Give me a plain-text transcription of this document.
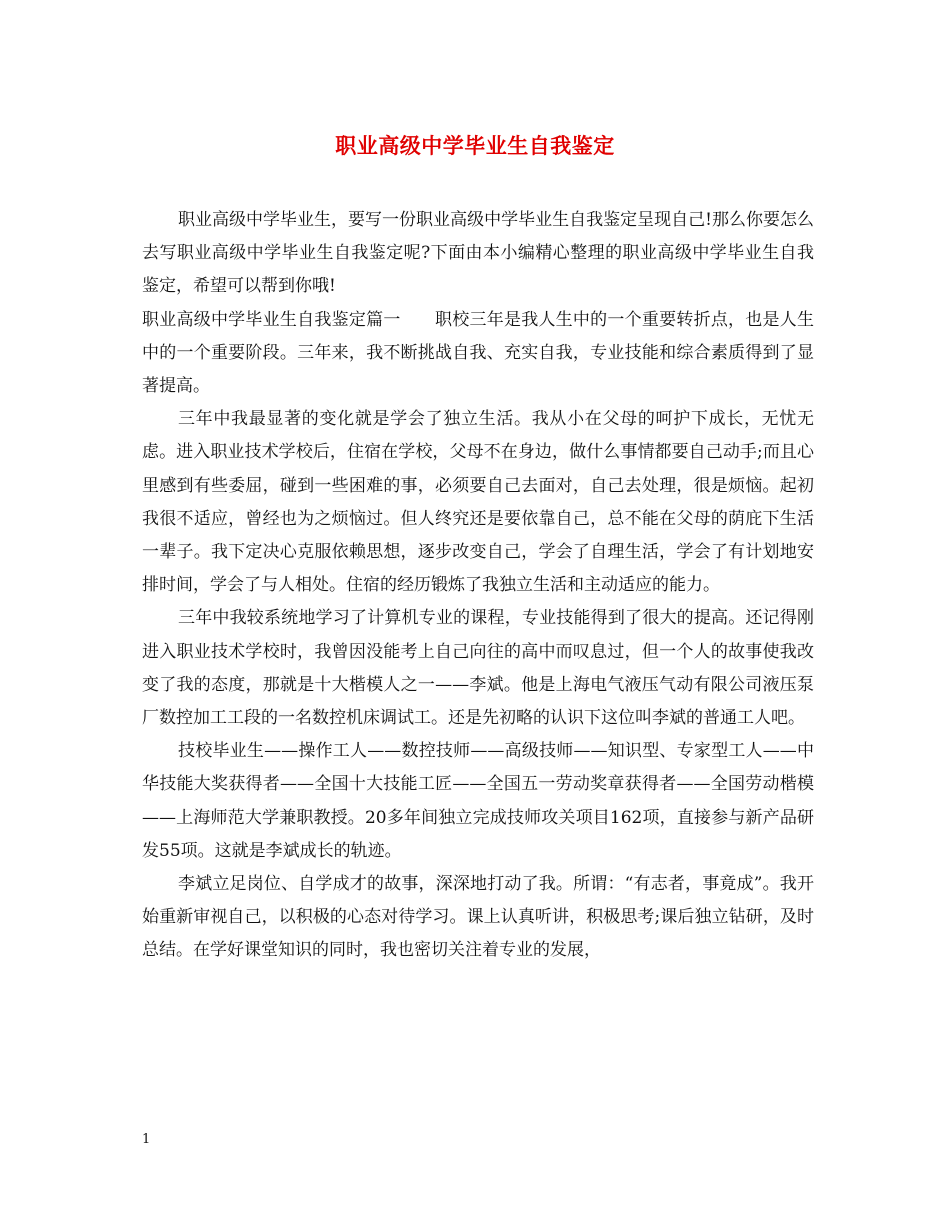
职业高级中学毕业生自我鉴定

职业高级中学毕业生，要写一份职业高级中学毕业生自我鉴定呈现自己!那么你要怎么去写职业高级中学毕业生自我鉴定呢?下面由本小编精心整理的职业高级中学毕业生自我鉴定，希望可以帮到你哦!

职业高级中学毕业生自我鉴定篇一　　职校三年是我人生中的一个重要转折点，也是人生中的一个重要阶段。三年来，我不断挑战自我、充实自我，专业技能和综合素质得到了显著提高。

三年中我最显著的变化就是学会了独立生活。我从小在父母的呵护下成长，无忧无虑。进入职业技术学校后，住宿在学校，父母不在身边，做什么事情都要自己动手;而且心里感到有些委屈，碰到一些困难的事，必须要自己去面对，自己去处理，很是烦恼。起初我很不适应，曾经也为之烦恼过。但人终究还是要依靠自己，总不能在父母的荫庇下生活一辈子。我下定决心克服依赖思想，逐步改变自己，学会了自理生活，学会了有计划地安排时间，学会了与人相处。住宿的经历锻炼了我独立生活和主动适应的能力。

三年中我较系统地学习了计算机专业的课程，专业技能得到了很大的提高。还记得刚进入职业技术学校时，我曾因没能考上自己向往的高中而叹息过，但一个人的故事使我改变了我的态度，那就是十大楷模人之一——李斌。他是上海电气液压气动有限公司液压泵厂数控加工工段的一名数控机床调试工。还是先初略的认识下这位叫李斌的普通工人吧。

技校毕业生——操作工人——数控技师——高级技师——知识型、专家型工人——中华技能大奖获得者——全国十大技能工匠——全国五一劳动奖章获得者——全国劳动楷模——上海师范大学兼职教授。20多年间独立完成技师攻关项目162项，直接参与新产品研发55项。这就是李斌成长的轨迹。

李斌立足岗位、自学成才的故事，深深地打动了我。所谓：“有志者，事竟成”。我开始重新审视自己，以积极的心态对待学习。课上认真听讲，积极思考;课后独立钻研，及时总结。在学好课堂知识的同时，我也密切关注着专业的发展，

1
